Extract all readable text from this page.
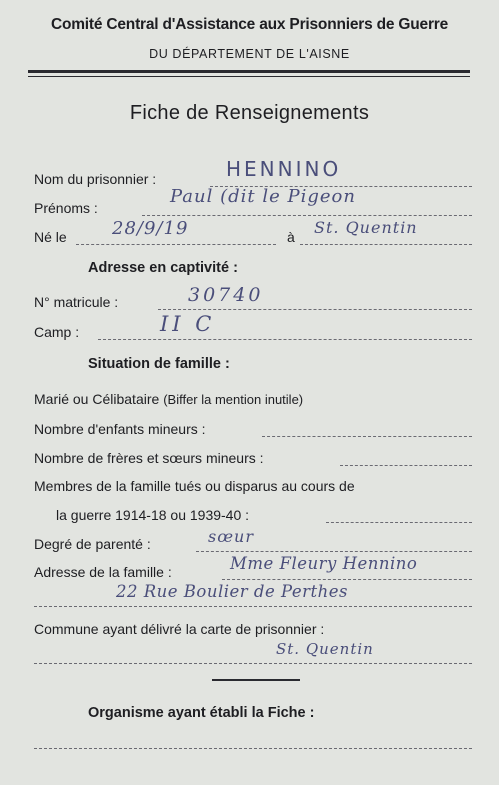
Comité Central d'Assistance aux Prisonniers de Guerre
DU DÉPARTEMENT DE L'AISNE
Fiche de Renseignements
Nom du prisonnier :	HENNINO
Prénoms :
Paul (dit le Pigeon
Né le	28/9/19	à St. Quentin
Adresse en captivité :
N° matricule :	30740
Camp :	II C
Situation de famille :
Marié ou Célibataire (Biffer la mention inutile)
Nombre d'enfants mineurs :
Nombre de frères et sœurs mineurs :
Membres de la famille tués ou disparus au cours de
la guerre 1914-18 ou 1939-40 :
Degré de parenté :	sœur
Adresse de la famille :	Mme Fleury Hennino
22 Rue Boulier de Perthes
Commune ayant délivré la carte de prisonnier :
St. Quentin
Organisme ayant établi la Fiche :
